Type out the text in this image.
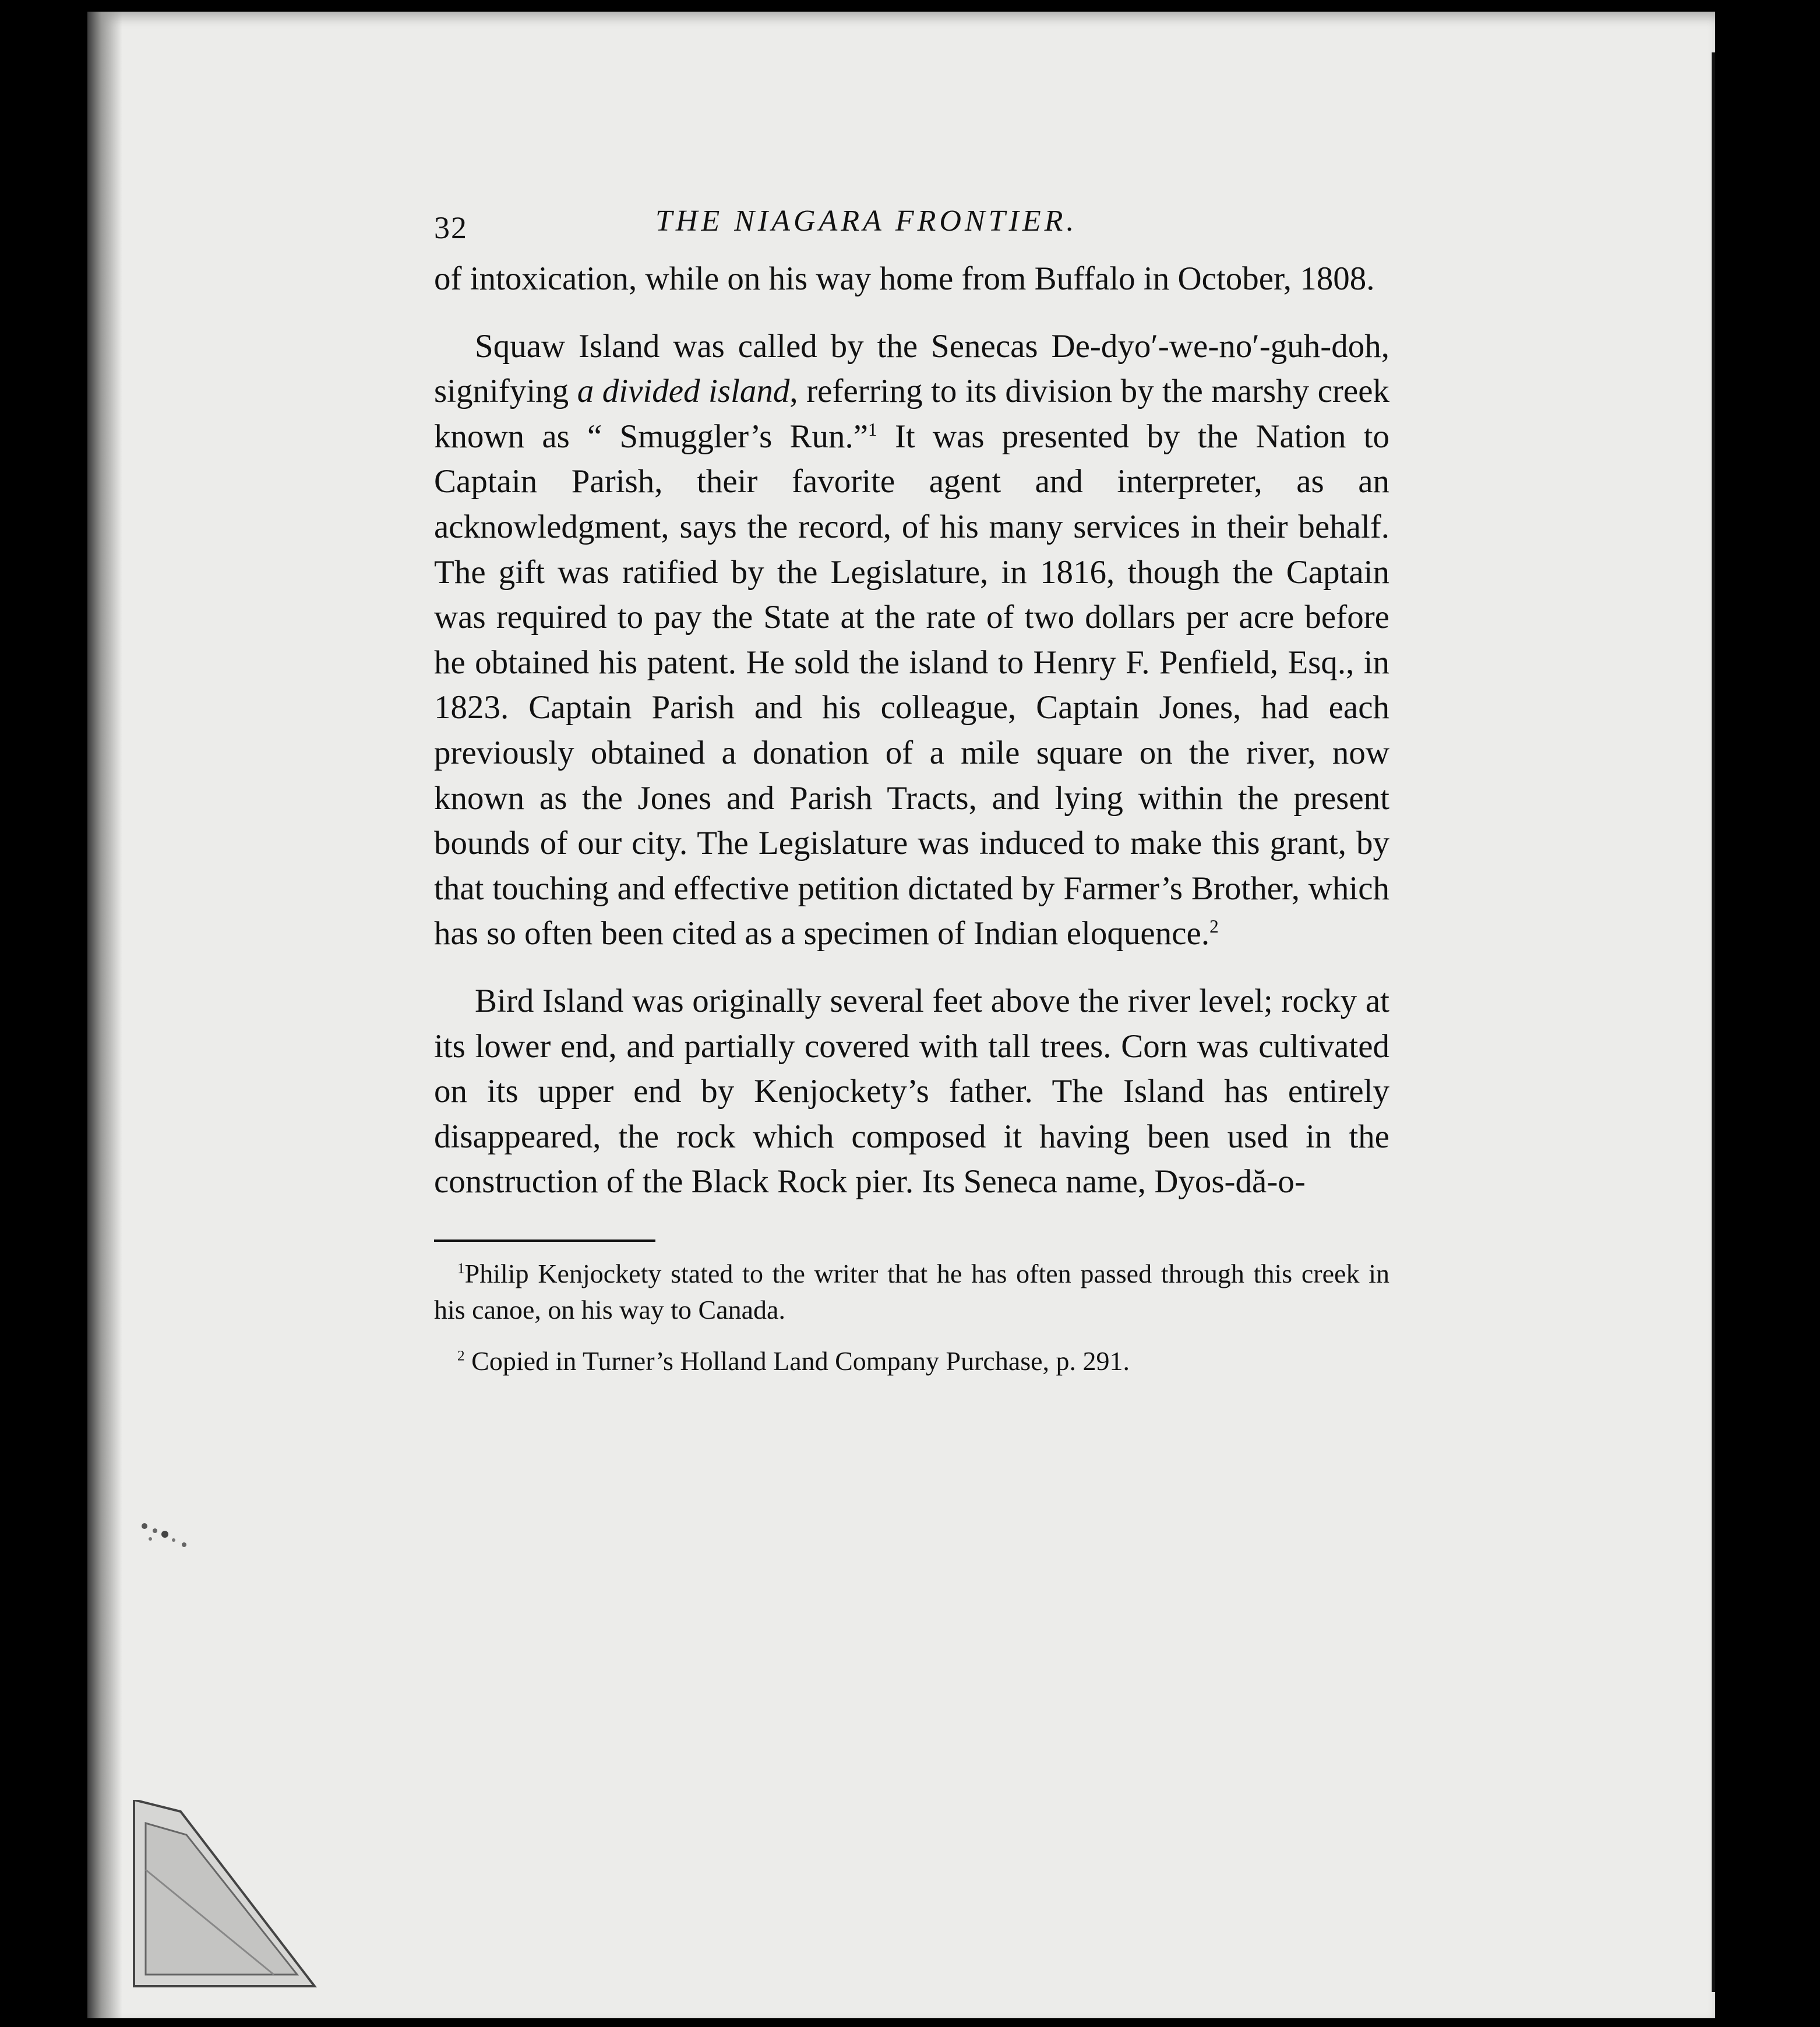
32	THE NIAGARA FRONTIER.

of intoxication, while on his way home from Buffalo in October, 1808.

Squaw Island was called by the Senecas De-dyo′-we-no′-guh-doh, signifying a divided island, referring to its division by the marshy creek known as “ Smuggler’s Run.”$^1$ It was presented by the Nation to Captain Parish, their favorite agent and interpreter, as an acknowledgment, says the record, of his many services in their behalf. The gift was ratified by the Legislature, in 1816, though the Captain was required to pay the State at the rate of two dollars per acre before he obtained his patent. He sold the island to Henry F. Penfield, Esq., in 1823. Captain Parish and his colleague, Captain Jones, had each previously obtained a donation of a mile square on the river, now known as the Jones and Parish Tracts, and lying within the present bounds of our city. The Legislature was induced to make this grant, by that touching and effective petition dictated by Farmer’s Brother, which has so often been cited as a specimen of Indian eloquence.$^2$

Bird Island was originally several feet above the river level; rocky at its lower end, and partially covered with tall trees. Corn was cultivated on its upper end by Kenjockety’s father. The Island has entirely disappeared, the rock which composed it having been used in the construction of the Black Rock pier. Its Seneca name, Dyos-dă-o-

$^1$Philip Kenjockety stated to the writer that he has often passed through this creek in his canoe, on his way to Canada.

$^2$ Copied in Turner’s Holland Land Company Purchase, p. 291.
